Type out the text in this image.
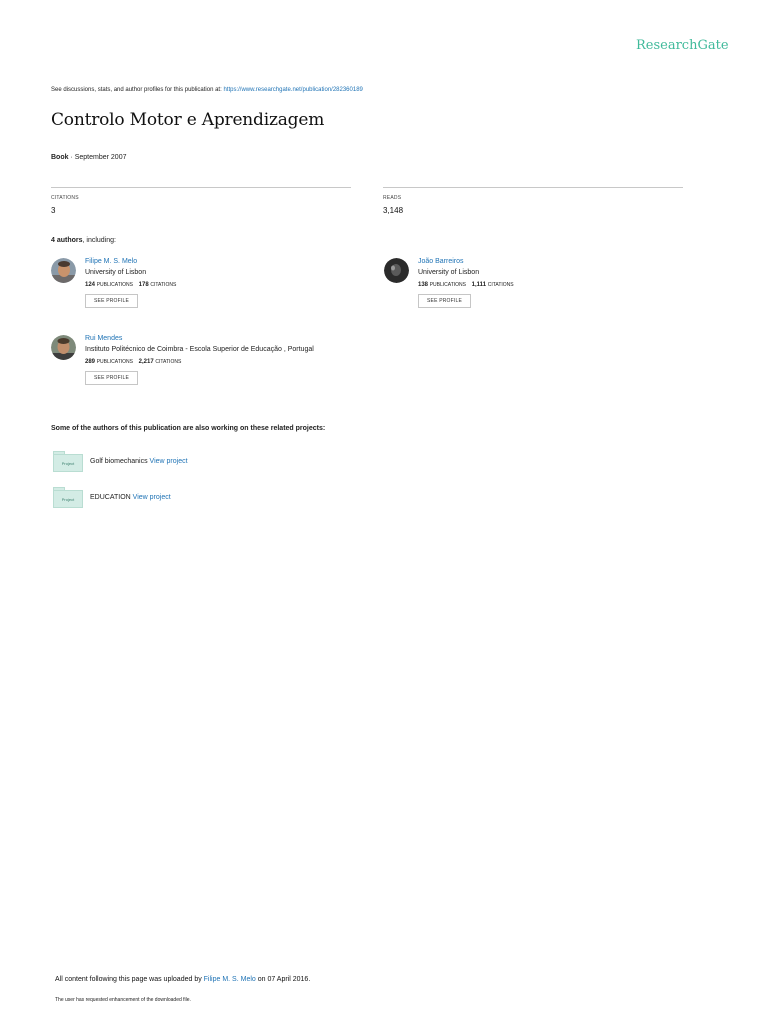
ResearchGate
See discussions, stats, and author profiles for this publication at: https://www.researchgate.net/publication/282360189
Controlo Motor e Aprendizagem
Book · September 2007
CITATIONS
3
READS
3,148
4 authors, including:
Filipe M. S. Melo
University of Lisbon
124 PUBLICATIONS 178 CITATIONS
SEE PROFILE
João Barreiros
University of Lisbon
138 PUBLICATIONS 1,111 CITATIONS
SEE PROFILE
Rui Mendes
Instituto Politécnico de Coimbra - Escola Superior de Educação , Portugal
289 PUBLICATIONS 2,217 CITATIONS
SEE PROFILE
Some of the authors of this publication are also working on these related projects:
Project	Golf biomechanics View project
Project	EDUCATION View project
All content following this page was uploaded by Filipe M. S. Melo on 07 April 2016.
The user has requested enhancement of the downloaded file.
